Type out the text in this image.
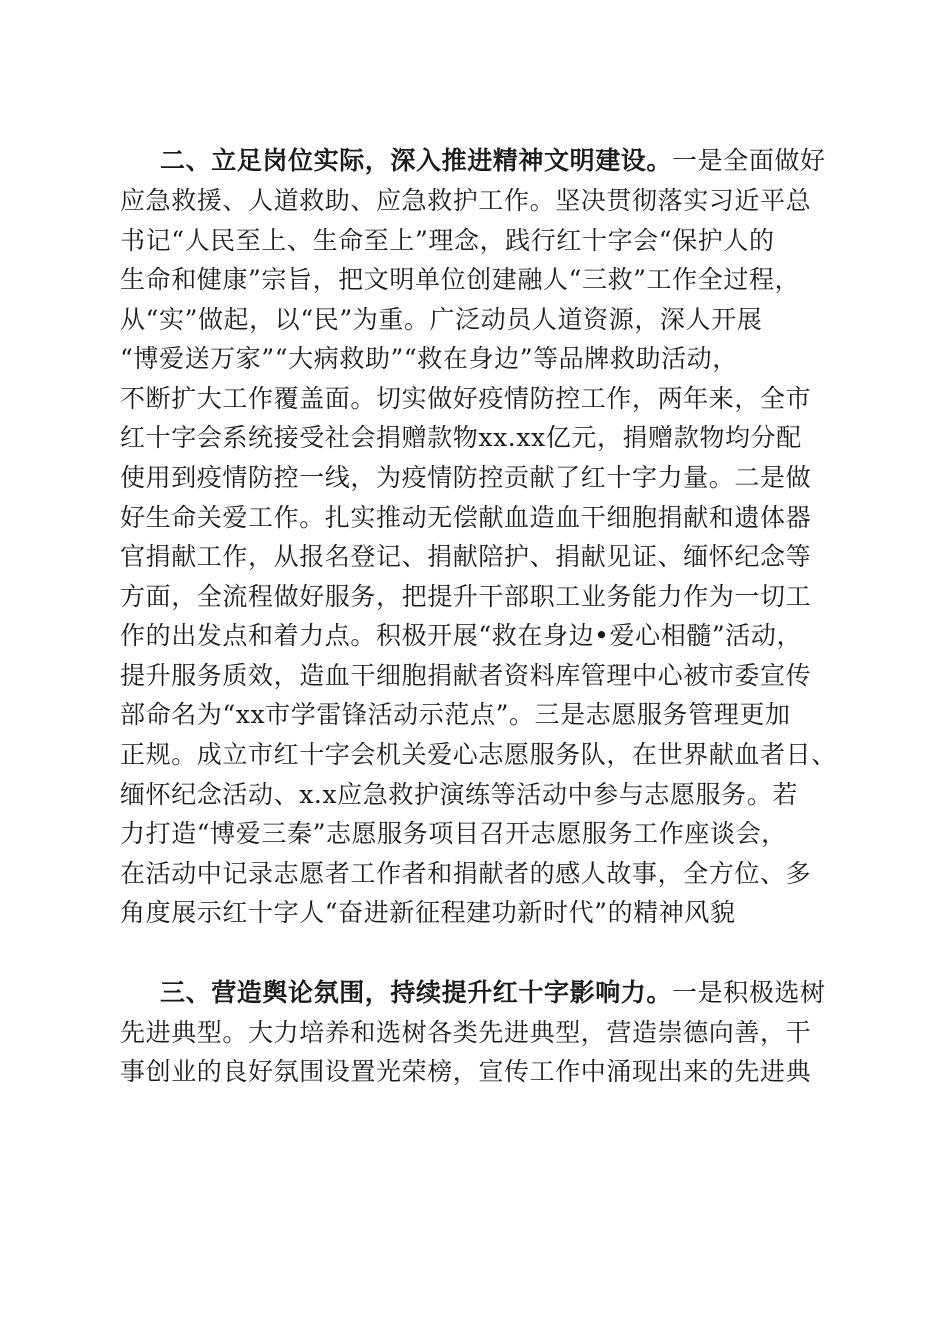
二、立足岗位实际，深入推进精神文明建设。一是全面做好
应急救援、人道救助、应急救护工作。坚决贯彻落实习近平总
书记“人民至上、生命至上”理念，践行红十字会“保护人的
生命和健康”宗旨，把文明单位创建融人“三救”工作全过程，
从“实”做起，以“民”为重。广泛动员人道资源，深人开展
“博爱送万家”“大病救助”“救在身边”等品牌救助活动，
不断扩大工作覆盖面。切实做好疫情防控工作，两年来，全市
红十字会系统接受社会捐赠款物xx.xx亿元，捐赠款物均分配
使用到疫情防控一线，为疫情防控贡献了红十字力量。二是做
好生命关爱工作。扎实推动无偿献血造血干细胞捐献和遗体器
官捐献工作，从报名登记、捐献陪护、捐献见证、缅怀纪念等
方面，全流程做好服务，把提升干部职工业务能力作为一切工
作的出发点和着力点。积极开展“救在身边•爱心相髓”活动，
提升服务质效，造血干细胞捐献者资料库管理中心被市委宣传
部命名为“xx市学雷锋活动示范点”。三是志愿服务管理更加
正规。成立市红十字会机关爱心志愿服务队，在世界献血者日、
缅怀纪念活动、x.x应急救护演练等活动中参与志愿服务。若
力打造“博爱三秦”志愿服务项目召开志愿服务工作座谈会，
在活动中记录志愿者工作者和捐献者的感人故事，全方位、多
角度展示红十字人“奋进新征程建功新时代”的精神风貌
三、营造舆论氛围，持续提升红十字影响力。一是积极选树
先进典型。大力培养和选树各类先进典型，营造崇德向善，干
事创业的良好氛围设置光荣榜，宣传工作中涌现出来的先进典
